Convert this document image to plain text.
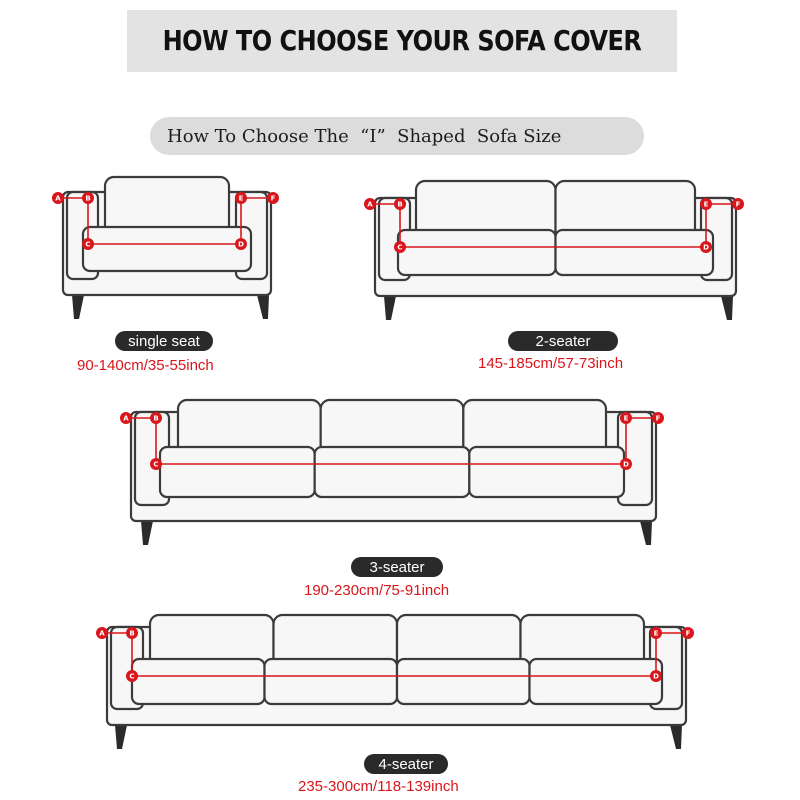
HOW TO CHOOSE YOUR SOFA COVER
How To Choose The  “I”  Shaped  Sofa Size
A	B
C	D
E	F
A	B
C	D
E	F
A	B
C	D
E	F
A	B
C	D
E	F
single seat
90-140cm/35-55inch
2-seater
145-185cm/57-73inch
3-seater
190-230cm/75-91inch
4-seater
235-300cm/118-139inch
